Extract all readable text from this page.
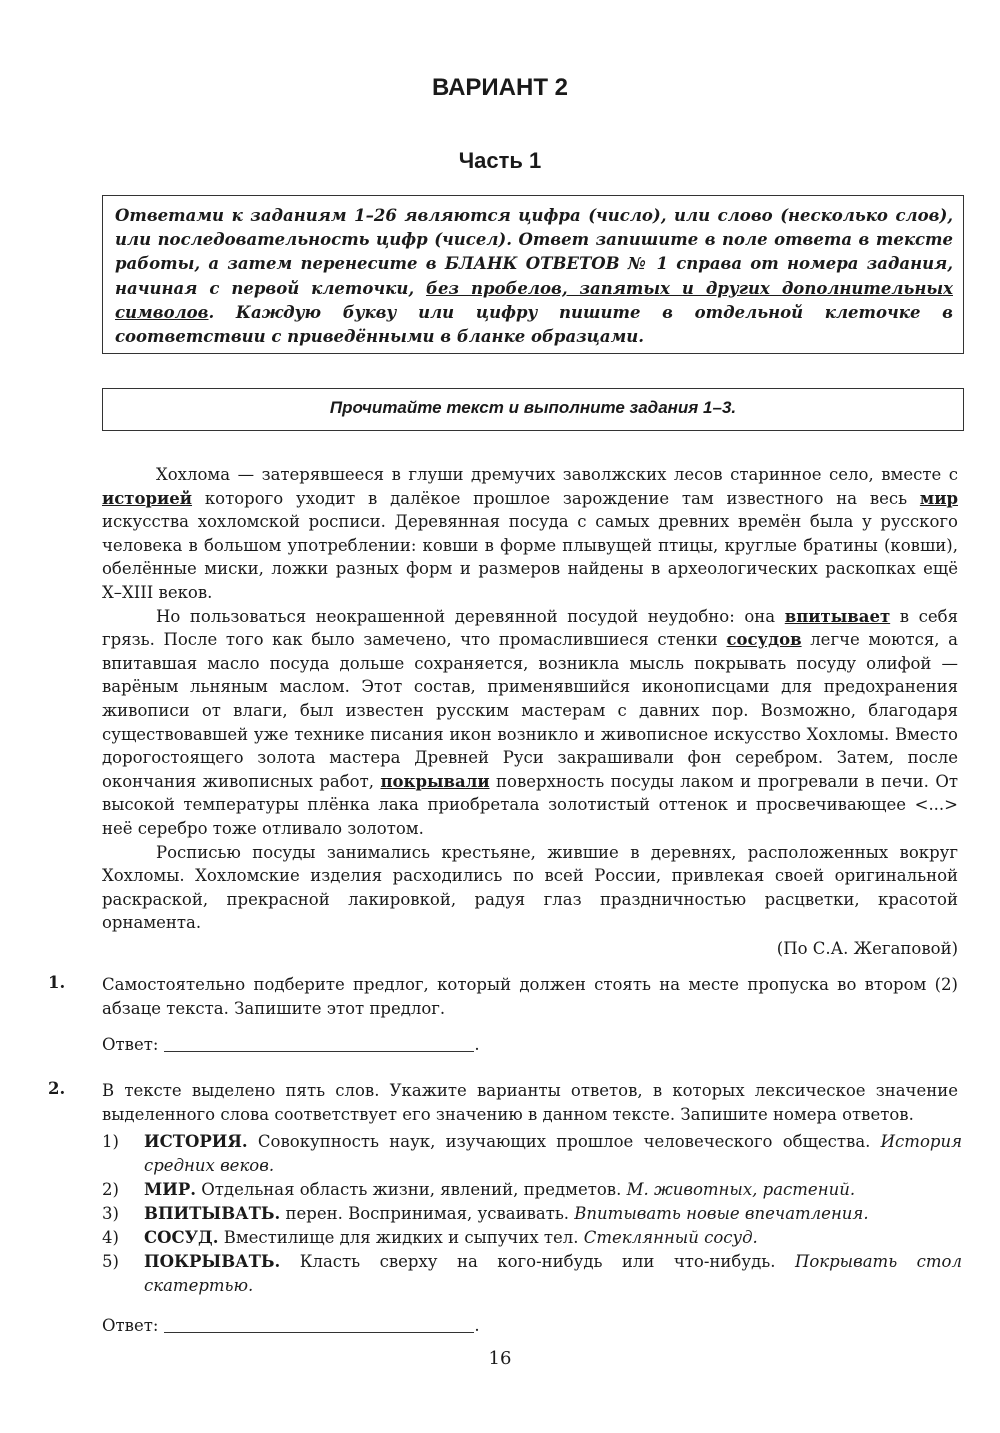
ВАРИАНТ 2
Часть 1
Ответами к заданиям 1–26 являются цифра (число), или слово (несколько слов), или последовательность цифр (чисел). Ответ запишите в поле ответа в тексте работы, а затем перенесите в БЛАНК ОТВЕТОВ № 1 справа от номера задания, начиная с первой клеточки, без пробелов, запятых и других дополнительных символов. Каждую букву или цифру пишите в отдельной клеточке в соответствии с приведёнными в бланке образцами.
Прочитайте текст и выполните задания 1–3.

Хохлома — затерявшееся в глуши дремучих заволжских лесов старинное село, вместе с историей которого уходит в далёкое прошлое зарождение там известного на весь мир искусства хохломской росписи. Деревянная посуда с самых древних времён была у русского человека в большом употреблении: ковши в форме плывущей птицы, круглые братины (ковши), обелённые миски, ложки разных форм и размеров найдены в археологических раскопках ещё X–XIII веков.

Но пользоваться неокрашенной деревянной посудой неудобно: она впитывает в себя грязь. После того как было замечено, что промаслившиеся стенки сосудов легче моются, а впитавшая масло посуда дольше сохраняется, возникла мысль покрывать посуду олифой — варёным льняным маслом. Этот состав, применявшийся иконописцами для предохранения живописи от влаги, был известен русским мастерам с давних пор. Возможно, благодаря существовавшей уже технике писания икон возникло и живописное искусство Хохломы. Вместо дорогостоящего золота мастера Древней Руси закрашивали фон серебром. Затем, после окончания живописных работ, покрывали поверхность посуды лаком и прогревали в печи. От высокой температуры плёнка лака приобретала золотистый оттенок и просвечивающее <...> неё серебро тоже отливало золотом.

Росписью посуды занимались крестьяне, жившие в деревнях, расположенных вокруг Хохломы. Хохломские изделия расходились по всей России, привлекая своей оригинальной раскраской, прекрасной лакировкой, радуя глаз праздничностью расцветки, красотой орнамента.

(По С.А. Жегаповой)
1. Самостоятельно подберите предлог, который должен стоять на месте пропуска во втором (2) абзаце текста. Запишите этот предлог.
Ответ:	.
2. В тексте выделено пять слов. Укажите варианты ответов, в которых лексическое значение выделенного слова соответствует его значению в данном тексте. Запишите номера ответов.
1)	ИСТОРИЯ. Совокупность наук, изучающих прошлое человеческого общества. История средних веков.
2)	МИР. Отдельная область жизни, явлений, предметов. М. животных, растений.
3)	ВПИТЫВАТЬ. перен. Воспринимая, усваивать. Впитывать новые впечатления.
4)	СОСУД. Вместилище для жидких и сыпучих тел. Стеклянный сосуд.
5)	ПОКРЫВАТЬ. Класть сверху на кого-нибудь или что-нибудь. Покрывать стол скатертью.
Ответ:	.
16
